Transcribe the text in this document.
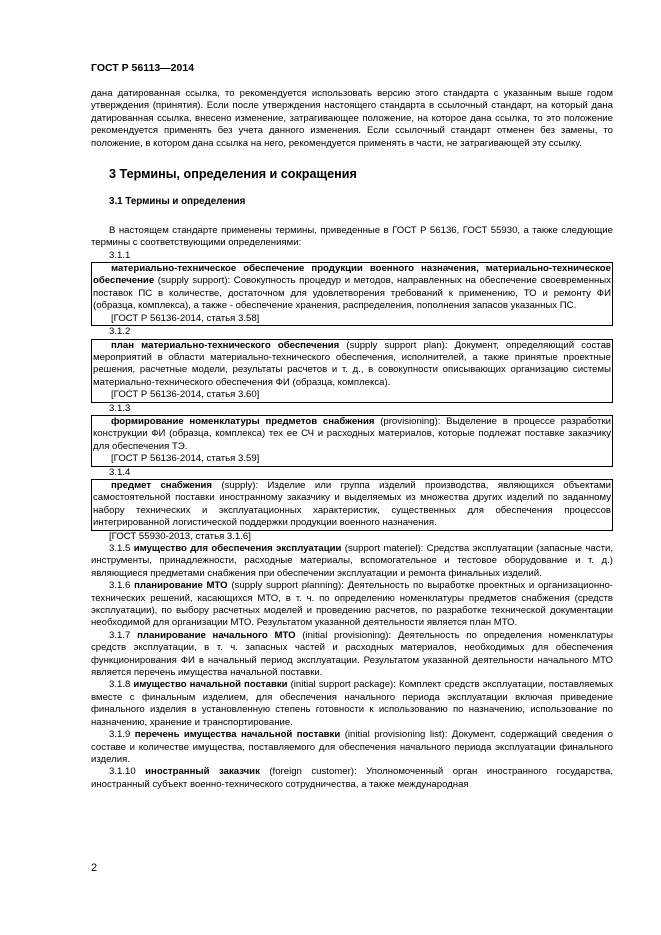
ГОСТ Р 56113—2014

дана датированная ссылка, то рекомендуется использовать версию этого стандарта с указанным выше годом утверждения (принятия). Если после утверждения настоящего стандарта в ссылочный стандарт, на который дана датированная ссылка, внесено изменение, затрагивающее положение, на которое дана ссылка, то это положение рекомендуется применять без учета данного изменения. Если ссылочный стандарт отменен без замены, то положение, в котором дана ссылка на него, рекомендуется применять в части, не затрагивающей эту ссылку.

3 Термины, определения и сокращения

3.1 Термины и определения

В настоящем стандарте применены термины, приведенные в ГОСТ Р 56136, ГОСТ 55930, а также следующие термины с соответствующими определениями:

3.1.1

материально-техническое обеспечение продукции военного назначения, материально-техническое обеспечение (supply support): Совокупность процедур и методов, направленных на обеспечение своевременных поставок ПС в количестве, достаточном для удовлетворения требований к применению, ТО и ремонту ФИ (образца, комплекса), а также - обеспечение хранения, распределения, пополнения запасов указанных ПС.

[ГОСТ Р 56136-2014, статья 3.58]

3.1.2

план материально-технического обеспечения (supply support plan): Документ, определяющий состав мероприятий в области материально-технического обеспечения, исполнителей, а также принятые проектные решения, расчетные модели, результаты расчетов и т. д., в совокупности описывающих организацию системы материально-технического обеспечения ФИ (образца, комплекса).

[ГОСТ Р 56136-2014, статья 3.60]

3.1.3

формирование номенклатуры предметов снабжения (provisioning): Выделение в процессе разработки конструкции ФИ (образца, комплекса) тех ее СЧ и расходных материалов, которые подлежат поставке заказчику для обеспечения ТЭ.

[ГОСТ Р 56136-2014, статья 3.59]

3.1.4

предмет снабжения (supply): Изделие или группа изделий производства, являющихся объектами самостоятельной поставки иностранному заказчику и выделяемых из множества других изделий по заданному набору технических и эксплуатационных характеристик, существенных для обеспечения процессов интегрированной логистической поддержки продукции военного назначения.

[ГОСТ 55930-2013, статья 3.1.6]

3.1.5 имущество для обеспечения эксплуатации (support materiel): Средства эксплуатации (запасные части, инструменты, принадлежности, расходные материалы, вспомогательное и тестовое оборудование и т. д.) являющиеся предметами снабжения при обеспечении эксплуатации и ремонта финальных изделий.

3.1.6 планирование МТО (supply support planning): Деятельность по выработке проектных и организационно-технических решений, касающихся МТО, в т. ч. по определению номенклатуры предметов снабжения (средств эксплуатации), по выбору расчетных моделей и проведению расчетов, по разработке технической документации необходимой для организации МТО. Результатом указанной деятельности является план МТО.

3.1.7 планирование начального МТО (initial provisioning): Деятельность по определения номенклатуры средств эксплуатации, в т. ч. запасных частей и расходных материалов, необходимых для обеспечения функционирования ФИ в начальный период эксплуатации. Результатом указанной деятельности начального МТО является перечень имущества начальной поставки.

3.1.8 имущество начальной поставки (initial support package): Комплект средств эксплуатации, поставляемых вместе с финальным изделием, для обеспечения начального периода эксплуатации включая приведение финального изделия в установленную степень готовности к использованию по назначению, использование по назначению, хранение и транспортирование.

3.1.9 перечень имущества начальной поставки (initial provisioning list): Документ, содержащий сведения о составе и количестве имущества, поставляемого для обеспечения начального периода эксплуатации финального изделия.

3.1.10 иностранный заказчик (foreign customer): Уполномоченный орган иностранного государства, иностранный субъект военно-технического сотрудничества, а также международная

2
